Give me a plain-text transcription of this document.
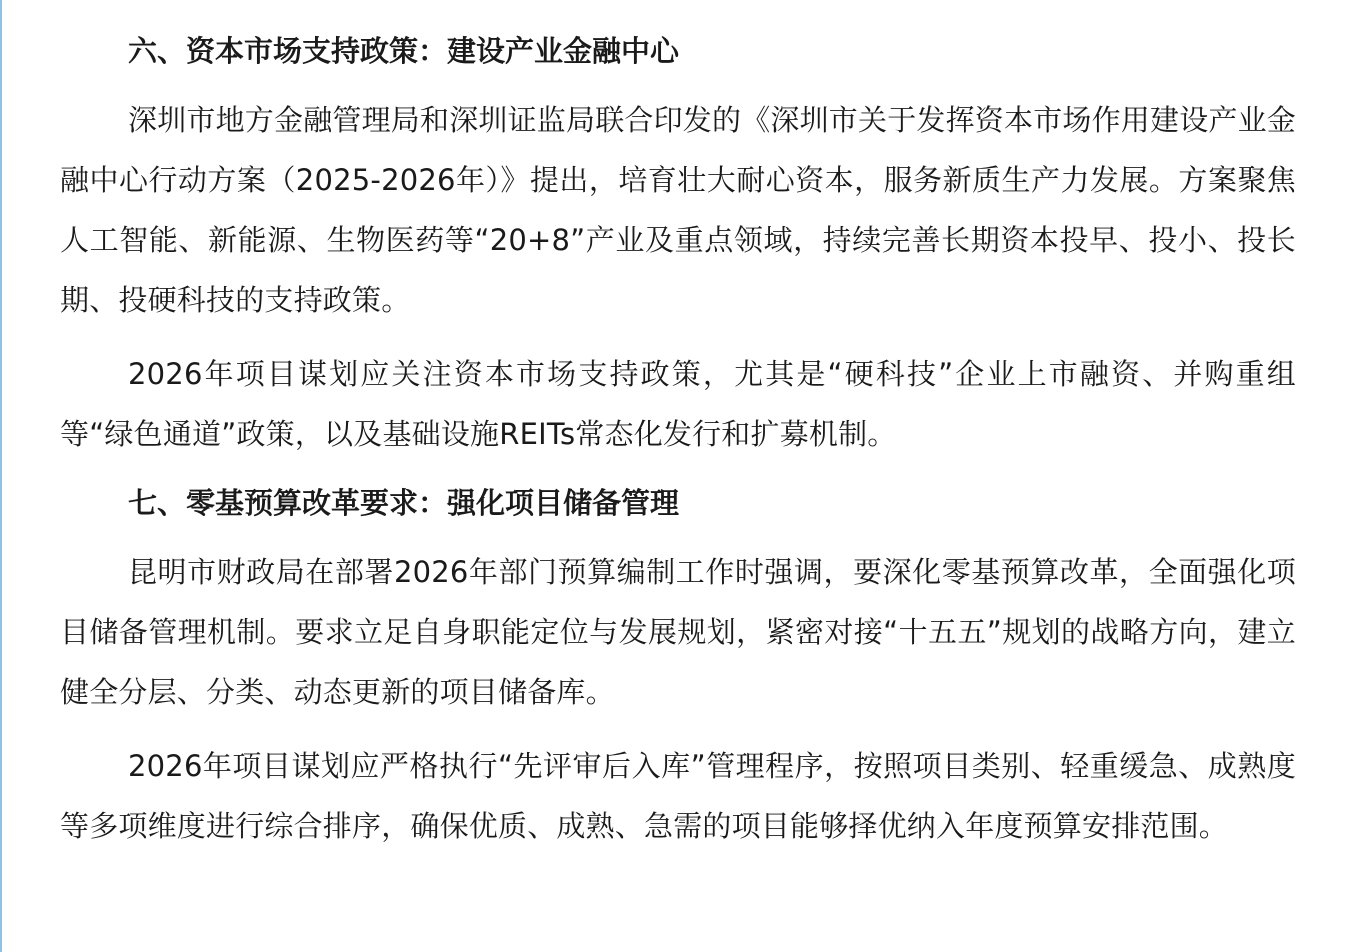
六、资本市场支持政策：建设产业金融中心

深圳市地方金融管理局和深圳证监局联合印发的《深圳市关于发挥资本市场作用建设产业金融中心行动方案（2025-2026年）》提出，培育壮大耐心资本，服务新质生产力发展。方案聚焦人工智能、新能源、生物医药等“20+8”产业及重点领域，持续完善长期资本投早、投小、投长期、投硬科技的支持政策。

2026年项目谋划应关注资本市场支持政策，尤其是“硬科技”企业上市融资、并购重组等“绿色通道”政策，以及基础设施REITs常态化发行和扩募机制。

七、零基预算改革要求：强化项目储备管理

昆明市财政局在部署2026年部门预算编制工作时强调，要深化零基预算改革，全面强化项目储备管理机制。要求立足自身职能定位与发展规划，紧密对接“十五五”规划的战略方向，建立健全分层、分类、动态更新的项目储备库。

2026年项目谋划应严格执行“先评审后入库”管理程序，按照项目类别、轻重缓急、成熟度等多项维度进行综合排序，确保优质、成熟、急需的项目能够择优纳入年度预算安排范围。
